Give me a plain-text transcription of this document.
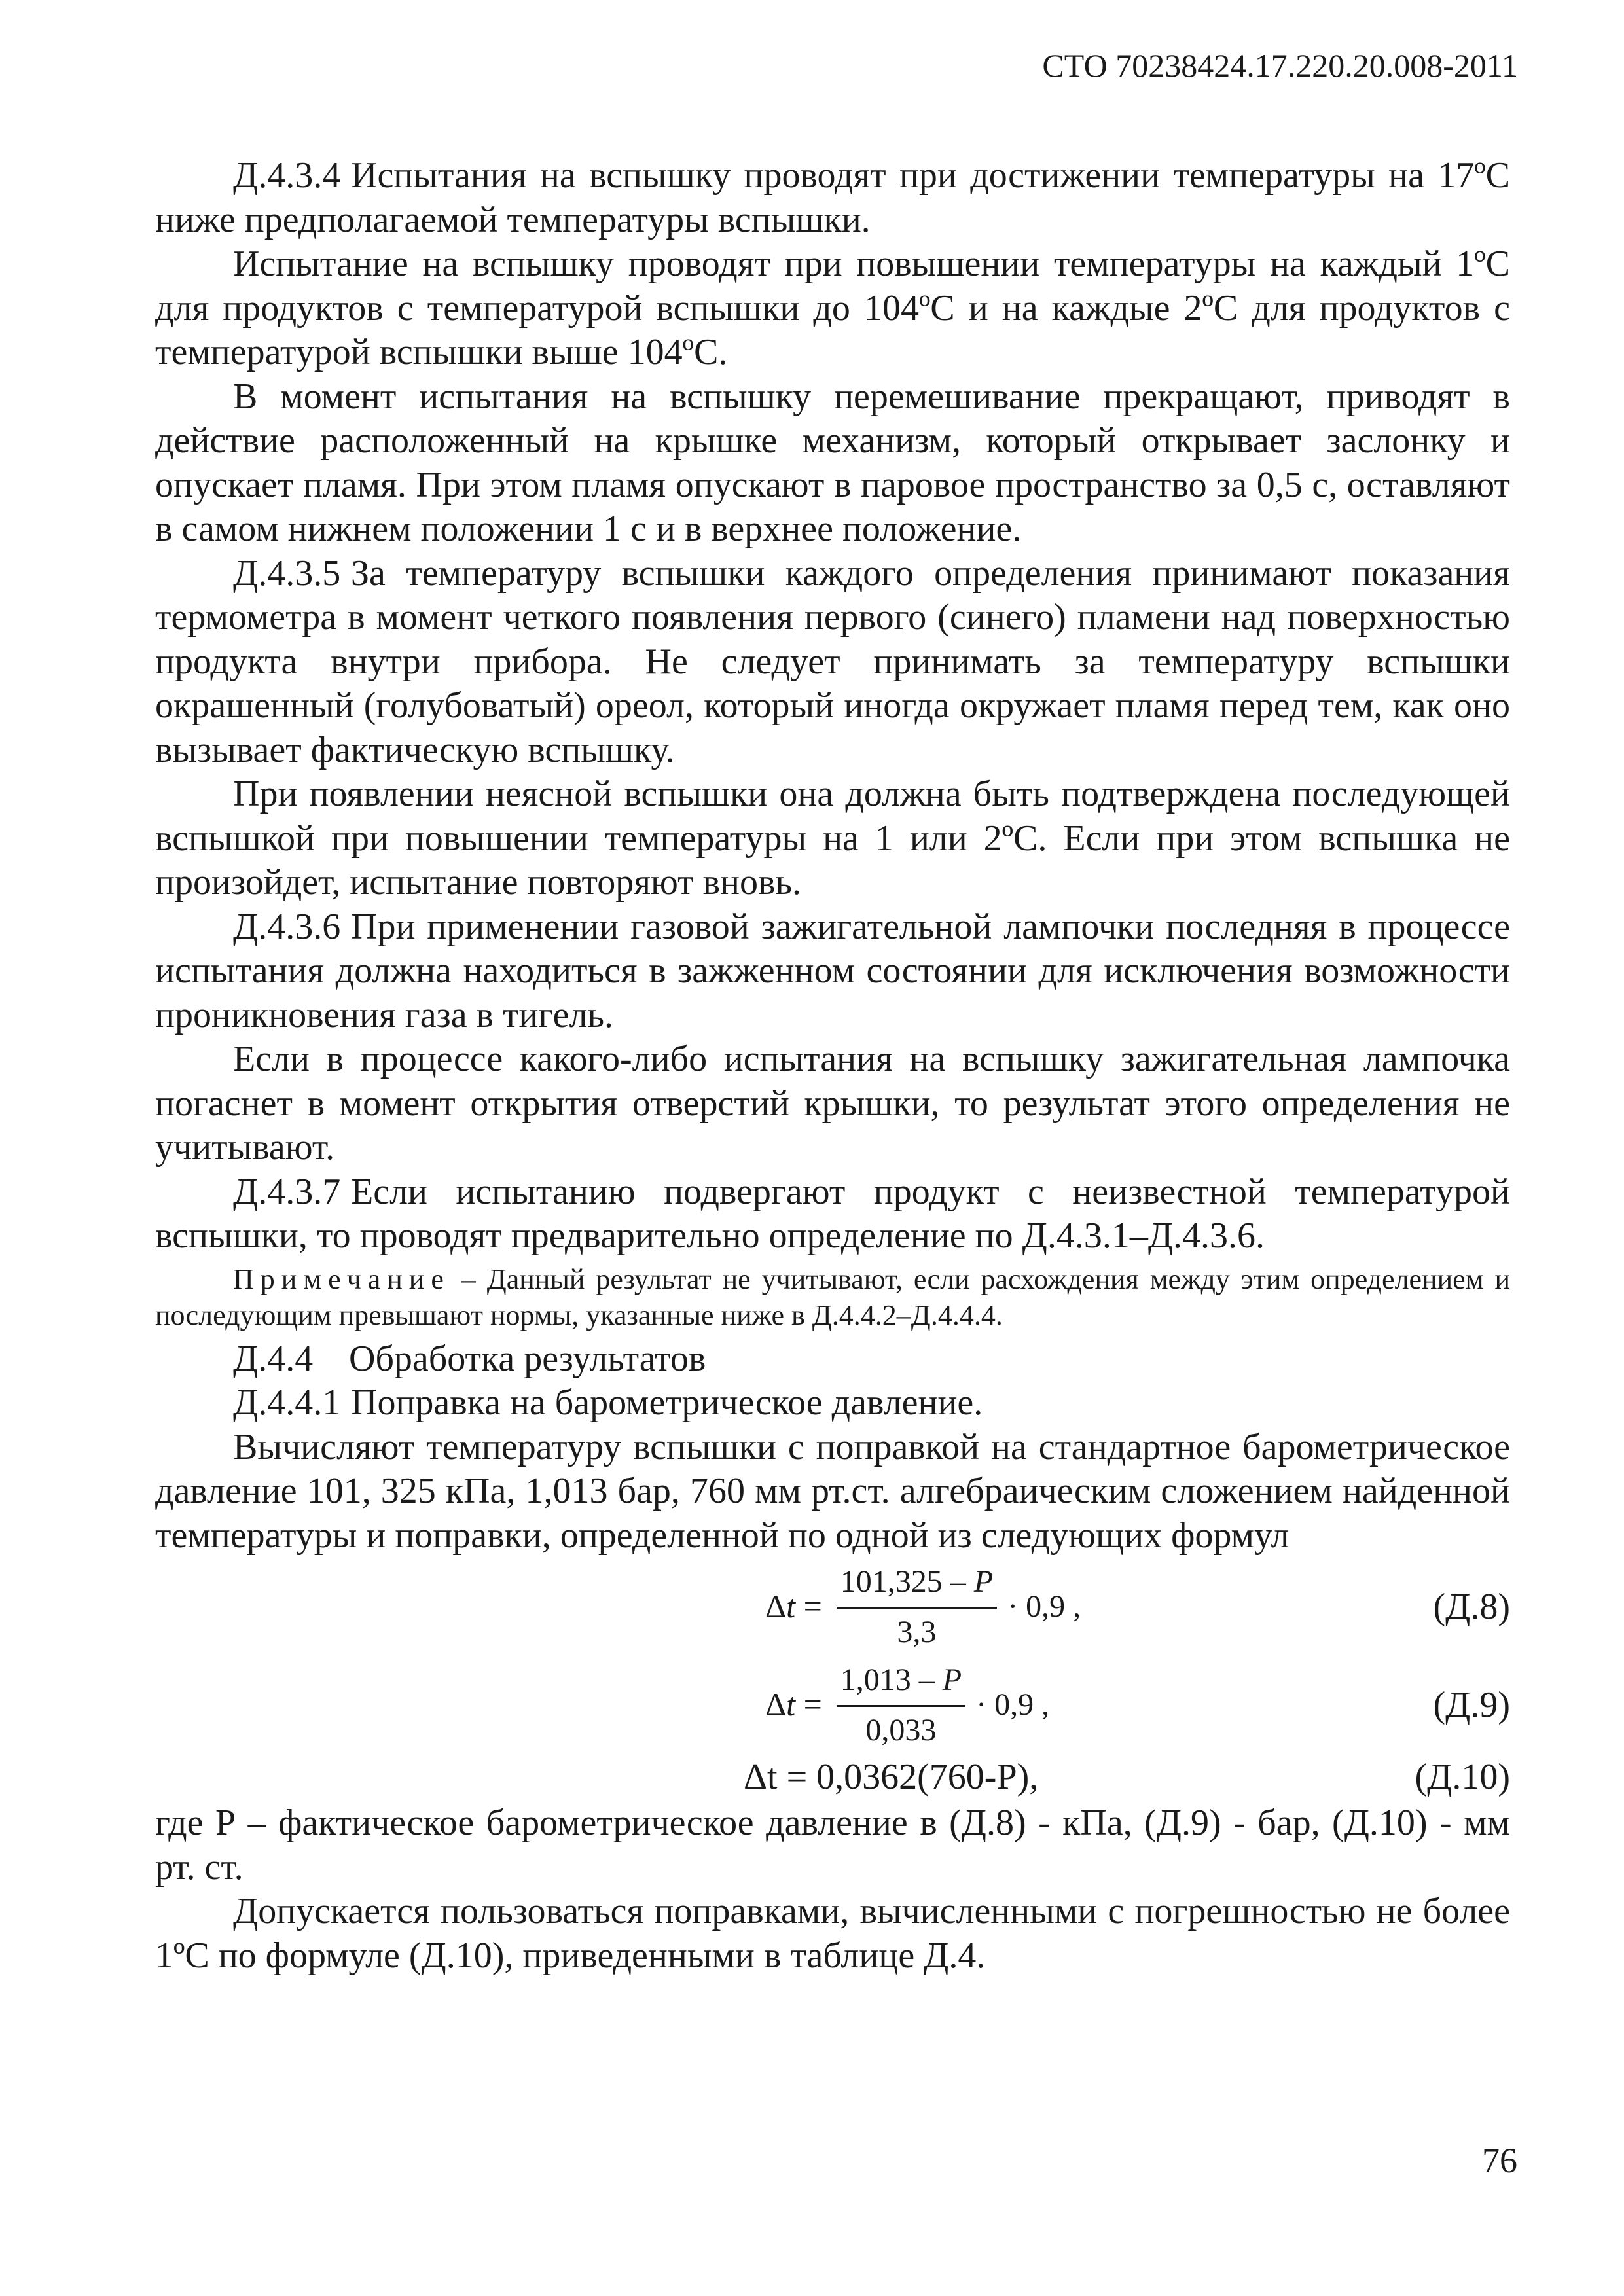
СТО 70238424.17.220.20.008-2011

Д.4.3.4 Испытания на вспышку проводят при достижении температуры на 17ºС ниже предполагаемой температуры вспышки.

Испытание на вспышку проводят при повышении температуры на каждый 1ºС для продуктов с температурой вспышки до 104ºС и на каждые 2ºС для продуктов с температурой вспышки выше 104ºС.

В момент испытания на вспышку перемешивание прекращают, приводят в действие расположенный на крышке механизм, который открывает заслонку и опускает пламя. При этом пламя опускают в паровое пространство за 0,5 с, оставляют в самом нижнем положении 1 с и в верхнее положение.

Д.4.3.5 За температуру вспышки каждого определения принимают показания термометра в момент четкого появления первого (синего) пламени над поверхностью продукта внутри прибора. Не следует принимать за температуру вспышки окрашенный (голубоватый) ореол, который иногда окружает пламя перед тем, как оно вызывает фактическую вспышку.

При появлении неясной вспышки она должна быть подтверждена последующей вспышкой при повышении температуры на 1 или 2ºС. Если при этом вспышка не произойдет, испытание повторяют вновь.

Д.4.3.6 При применении газовой зажигательной лампочки последняя в процессе испытания должна находиться в зажженном состоянии для исключения возможности проникновения газа в тигель.

Если в процессе какого-либо испытания на вспышку зажигательная лампочка погаснет в момент открытия отверстий крышки, то результат этого определения не учитывают.

Д.4.3.7 Если испытанию подвергают продукт с неизвестной температурой вспышки, то проводят предварительно определение по Д.4.3.1–Д.4.3.6.

Примечание – Данный результат не учитывают, если расхождения между этим определением и последующим превышают нормы, указанные ниже в Д.4.4.2–Д.4.4.4.

Д.4.4 Обработка результатов

Д.4.4.1 Поправка на барометрическое давление.

Вычисляют температуру вспышки с поправкой на стандартное барометрическое давление 101, 325 кПа, 1,013 бар, 760 мм рт.ст. алгебраическим сложением найденной температуры и поправки, определенной по одной из следующих формул

$\Delta t = \frac{101,325 - P}{3,3} \cdot 0,9$ ,	(Д.8)
$\Delta t = \frac{1,013 - P}{0,033} \cdot 0,9$ ,	(Д.9)
Δt = 0,0362(760-Р),	(Д.10)

где Р – фактическое барометрическое давление в (Д.8) - кПа, (Д.9) - бар, (Д.10) - мм рт. ст.

Допускается пользоваться поправками, вычисленными с погрешностью не более 1ºС по формуле (Д.10), приведенными в таблице Д.4.

76
